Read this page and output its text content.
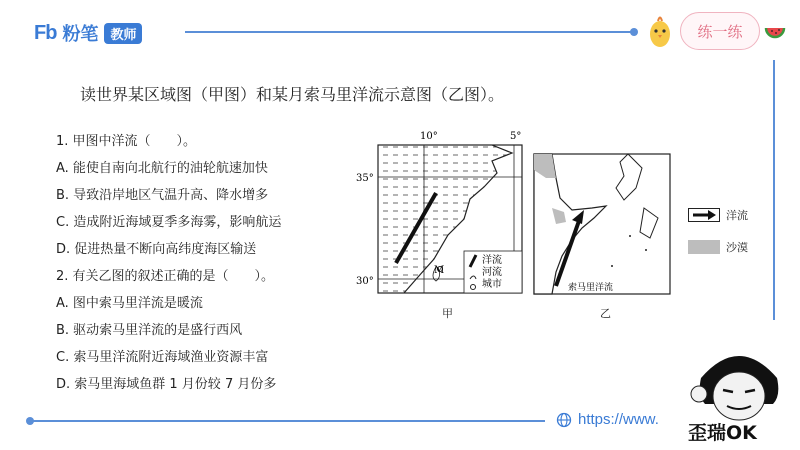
Fb 粉笔 教师	练一练
读世界某区域图（甲图）和某月索马里洋流示意图（乙图）。
1. 甲图中洋流（　　）。
A. 能使自南向北航行的油轮航速加快
B. 导致沿岸地区气温升高、降水增多
C. 造成附近海域夏季多海雾，影响航运
D. 促进热量不断向高纬度海区输送
2. 有关乙图的叙述正确的是（　　）。
A. 图中索马里洋流是暖流
B. 驱动索马里洋流的是盛行西风
C. 索马里洋流附近海域渔业资源丰富
D. 索马里海域鱼群 1 月份较 7 月份多
10°	5°
35°
30°
M
洋流
河流
城市
甲
索马里洋流
乙
洋流
沙漠
https://www.
歪瑞OK
